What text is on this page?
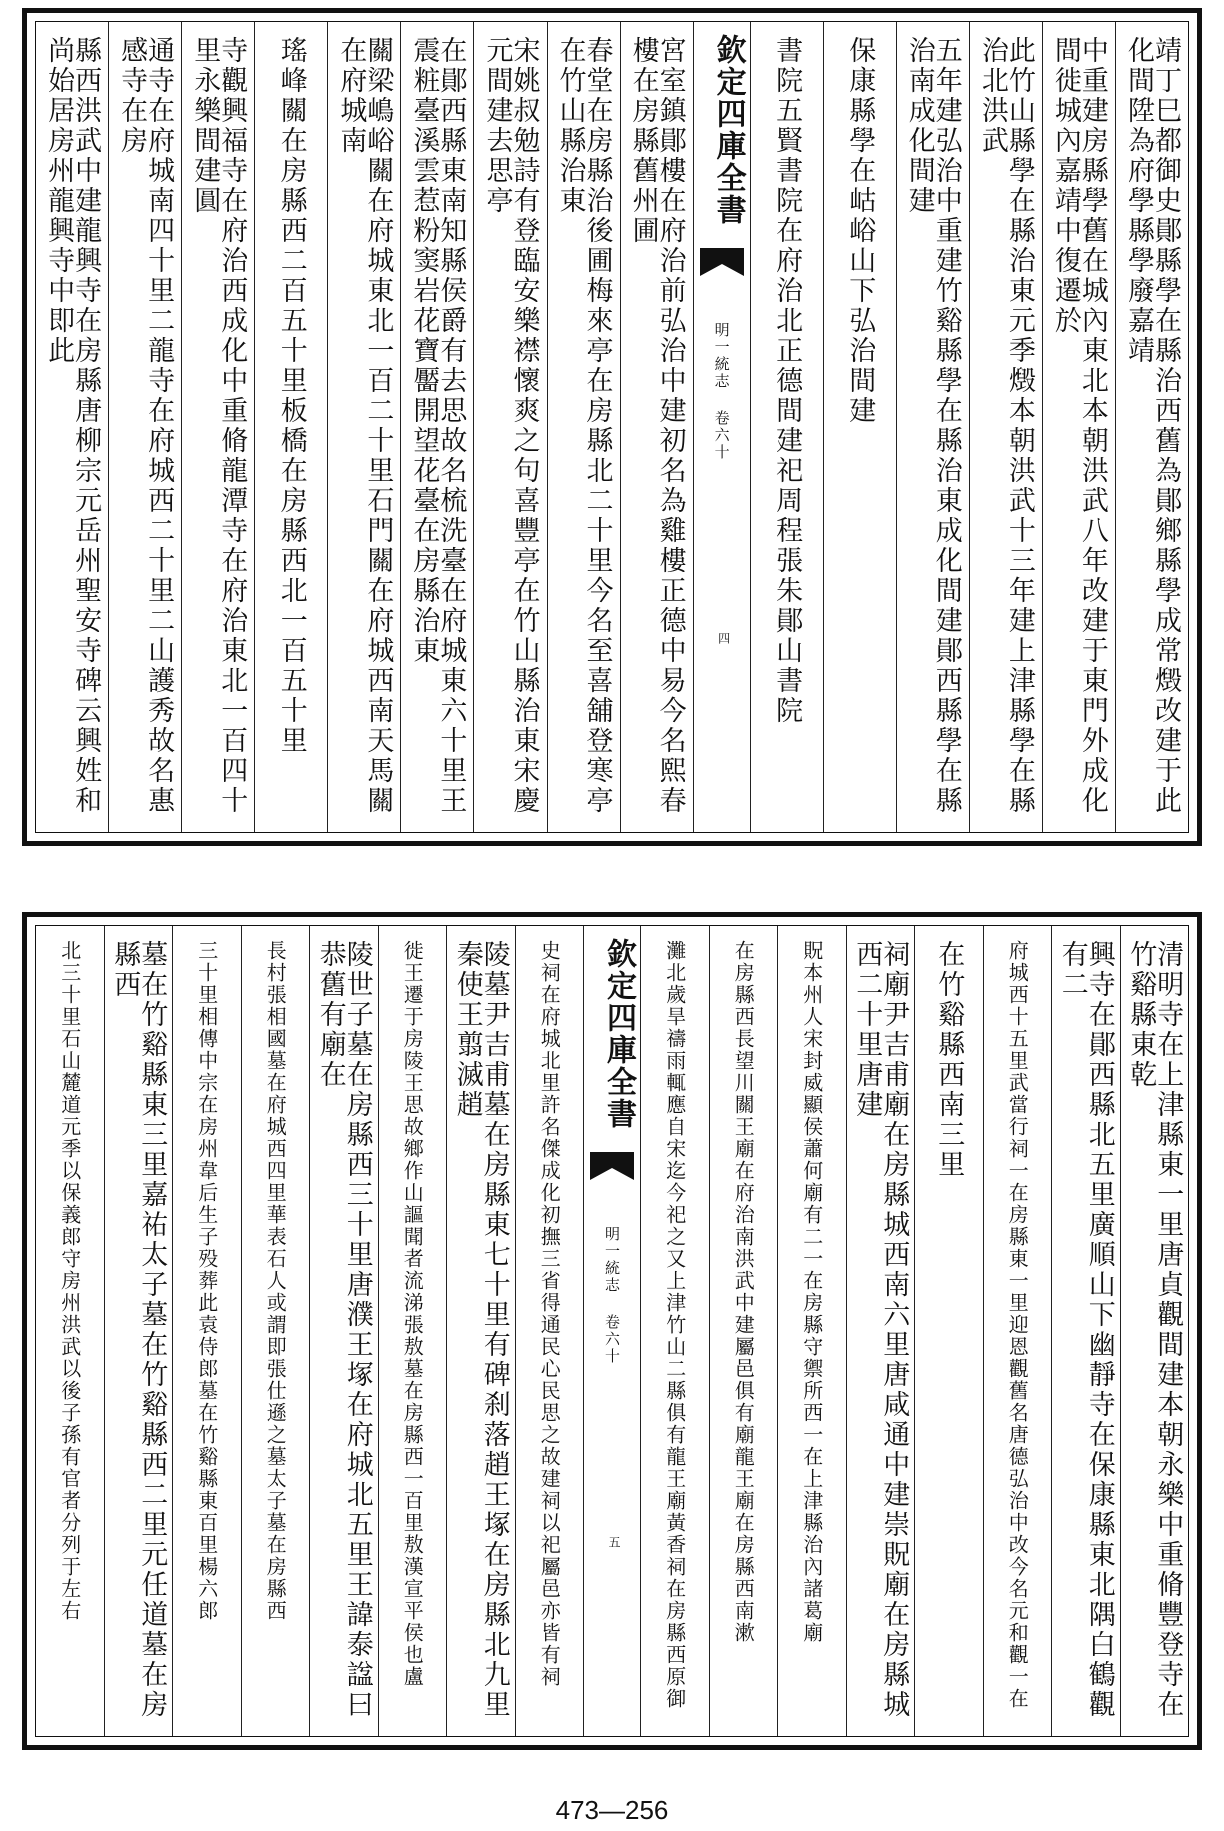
靖丁巳都御史鄖縣學在縣治西舊為鄖鄉縣學成常燬改建于此化間陞為府學縣學廢嘉靖
中重建房縣學舊在城內東北本朝洪武八年改建于東門外成化間徙城內嘉靖中復遷於
此竹山縣學在縣治東元季燬本朝洪武十三年建上津縣學在縣治北洪武
五年建弘治中重建竹谿縣學在縣治東成化間建鄖西縣學在縣治南成化間建
保康縣學在岵峪山下弘治間建
書院五賢書院在府治北正德間建祀周程張朱鄖山書院
欽定四庫全書
明一統志 卷六十
四
宮室鎮鄖樓在府治前弘治中建初名為雞樓正德中易今名熙春樓在房縣舊州圃
春堂在房縣治後圃梅來亭在房縣北二十里今名至喜舖登寒亭在竹山縣治東
宋姚叔勉詩有登臨安樂襟懷爽之句喜豐亭在竹山縣治東宋慶元間建去思亭
在鄖西縣東南知縣侯爵有去思故名梳洗臺在府城東六十里王震粧臺溪雲惹粉窦岩花寶靨開望花臺在房縣治東
關梁嶋峪關在府城東北一百二十里石門關在府城西南天馬關在府城南
瑤峰關在房縣西二百五十里板橋在房縣西北一百五十里
寺觀興福寺在府治西成化中重脩龍潭寺在府治東北一百四十里永樂間建圓
通寺在府城南四十里二龍寺在府城西二十里二山護秀故名惠感寺在房
縣西洪武中建龍興寺在房縣唐柳宗元岳州聖安寺碑云興姓和尚始居房州龍興寺中即此
清明寺在上津縣東一里唐貞觀間建本朝永樂中重脩豐登寺在竹谿縣東乾
興寺在鄖西縣北五里廣順山下幽靜寺在保康縣東北隅白鶴觀有二
府城西十五里武當行祠一在房縣東一里迎恩觀舊名唐德弘治中改今名元和觀一在
在竹谿縣西南三里
祠廟尹吉甫廟在房縣城西南六里唐咸通中建崇貺廟在房縣城西二十里唐建
貺本州人宋封威顯侯蕭何廟有二一在房縣守禦所西一在上津縣治內諸葛廟
在房縣西長望川關王廟在府治南洪武中建屬邑俱有廟龍王廟在房縣西南漱
灘北歲旱禱雨輒應自宋迄今祀之又上津竹山二縣俱有龍王廟黃香祠在房縣西原御
欽定四庫全書
明一統志 卷六十
五
史祠在府城北里許名傑成化初撫三省得通民心民思之故建祠以祀屬邑亦皆有祠
陵墓尹吉甫墓在房縣東七十里有碑刹落趙王塚在房縣北九里秦使王翦滅趙
徙王遷于房陵王思故鄉作山謳聞者流涕張敖墓在房縣西一百里敖漢宣平侯也盧
陵世子墓在房縣西三十里唐濮王塚在府城北五里王諱泰諡曰恭舊有廟在
長村張相國墓在府城西四里華表石人或謂即張仕遜之墓太子墓在房縣西
三十里相傳中宗在房州韋后生子殁葬此袁侍郎墓在竹谿縣東百里楊六郎
墓在竹谿縣東三里嘉祐太子墓在竹谿縣西二里元任道墓在房縣西
北三十里石山麓道元季以保義郎守房州洪武以後子孫有官者分列于左右
473—256
